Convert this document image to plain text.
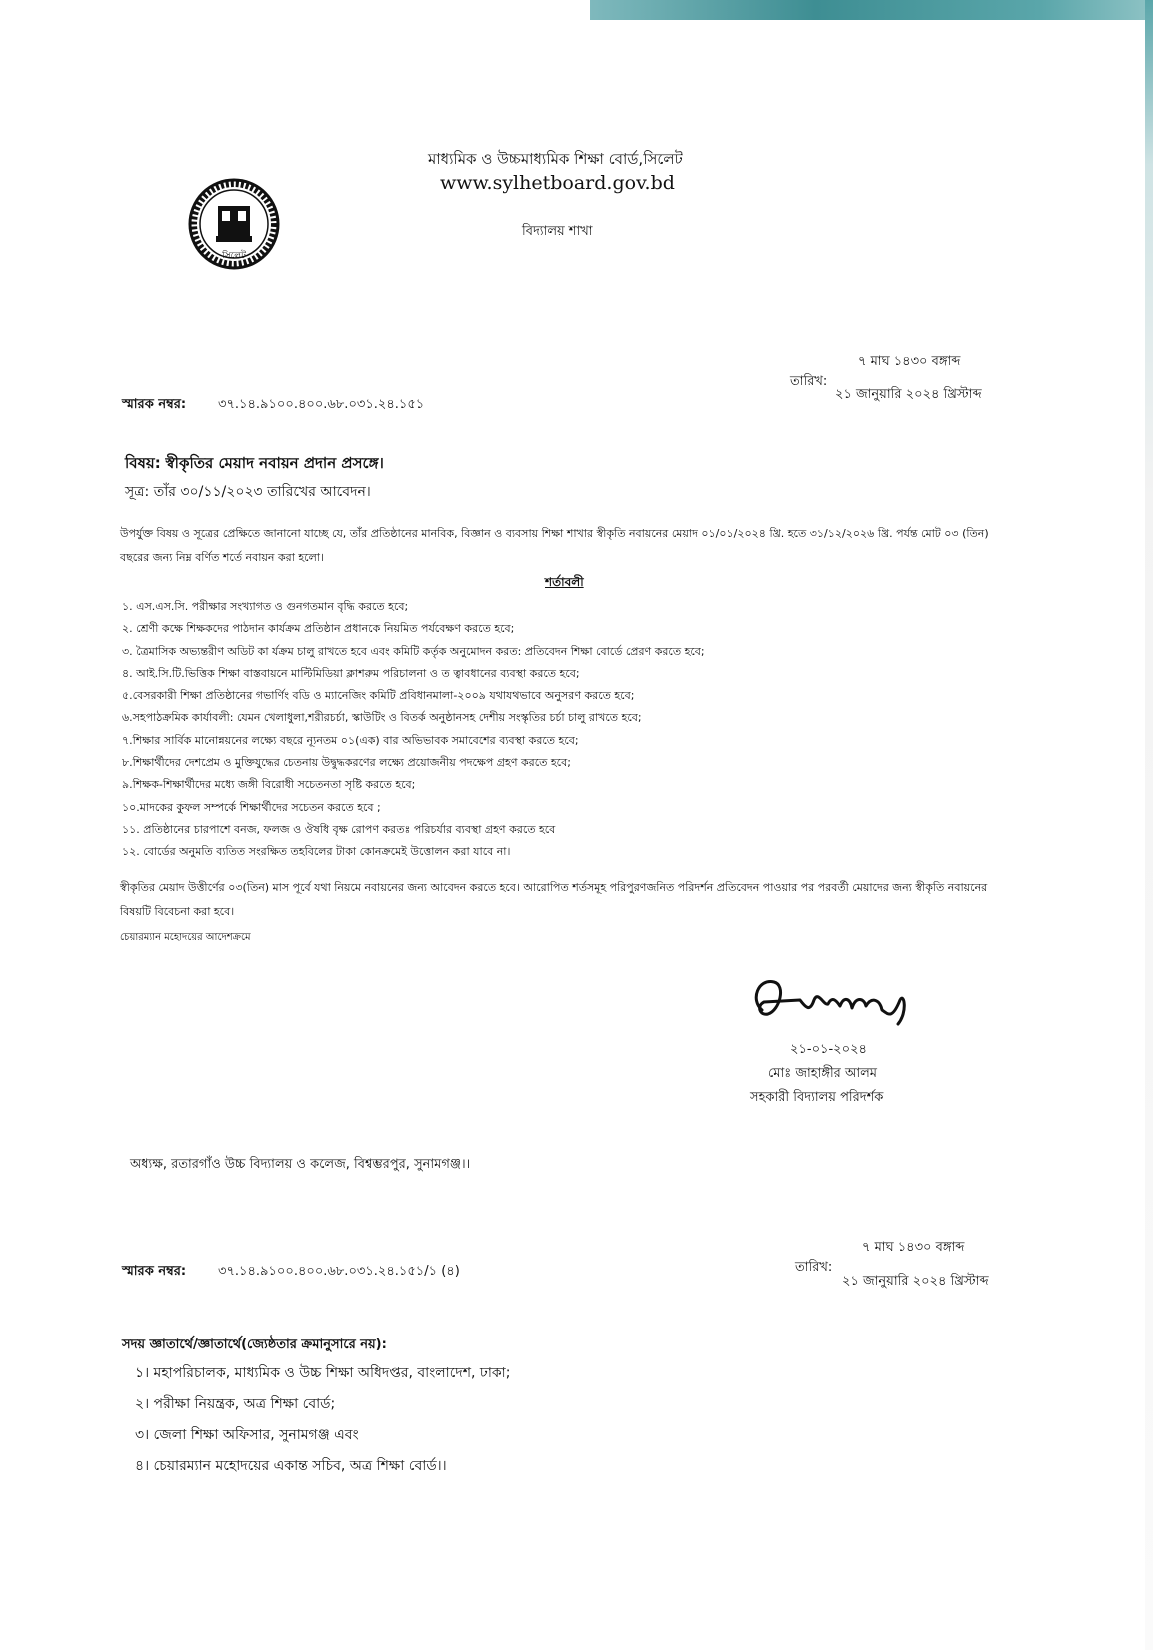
সিলেট
মাধ্যমিক ও উচ্চমাধ্যমিক শিক্ষা বোর্ড,সিলেট
www.sylhetboard.gov.bd
বিদ্যালয় শাখা
৭ মাঘ ১৪৩০ বঙ্গাব্দ
তারিখ:
২১ জানুয়ারি ২০২৪ খ্রিস্টাব্দ
স্মারক নম্বর: ৩৭.১৪.৯১০০.৪০০.৬৮.০৩১.২৪.১৫১
বিষয়: স্বীকৃতির মেয়াদ নবায়ন প্রদান প্রসঙ্গে।
সূত্র: তাঁর ৩০/১১/২০২৩ তারিখের আবেদন।
উপর্যুক্ত বিষয় ও সূত্রের প্রেক্ষিতে জানানো যাচ্ছে যে, তাঁর প্রতিষ্ঠানের মানবিক, বিজ্ঞান ও ব্যবসায় শিক্ষা শাখার স্বীকৃতি নবায়নের মেয়াদ ০১/০১/২০২৪ খ্রি. হতে ৩১/১২/২০২৬ খ্রি. পর্যন্ত মোট ০৩ (তিন) বছরের জন্য নিম্ন বর্ণিত শর্তে নবায়ন করা হলো।
শর্তাবলী
১. এস.এস.সি. পরীক্ষার সংখ্যাগত ও গুনগতমান বৃদ্ধি করতে হবে;
২. শ্রেণী কক্ষে শিক্ষকদের পাঠদান কার্যক্রম প্রতিষ্ঠান প্রধানকে নিয়মিত পর্যবেক্ষণ করতে হবে;
৩. ত্রৈমাসিক অভ্যন্তরীণ অডিট কা র্যক্রম চালু রাখতে হবে এবং কমিটি কর্তৃক অনুমোদন করত: প্রতিবেদন শিক্ষা বোর্ডে প্রেরণ করতে হবে;
৪. আই.সি.টি.ভিত্তিক শিক্ষা বাস্তবায়নে মাল্টিমিডিয়া ক্লাশরুম পরিচালনা ও ত ত্বাবধানের ব্যবস্থা করতে হবে;
৫.বেসরকারী শিক্ষা প্রতিষ্ঠানের গভার্ণিং বডি ও ম্যানেজিং কমিটি প্রবিধানমালা-২০০৯ যথাযথভাবে অনুসরণ করতে হবে;
৬.সহপাঠক্রমিক কার্যাবলী: যেমন খেলাধুলা,শরীরচর্চা, স্কাউটিং ও বিতর্ক অনুষ্ঠানসহ দেশীয় সংস্কৃতির চর্চা চালু রাখতে হবে;
৭.শিক্ষার সার্বিক মানোন্নয়নের লক্ষ্যে বছরে ন্যূনতম ০১(এক) বার অভিভাবক সমাবেশের ব্যবস্থা করতে হবে;
৮.শিক্ষার্থীদের দেশপ্রেম ও মুক্তিযুদ্ধের চেতনায় উদ্বুদ্ধকরণের লক্ষ্যে প্রয়োজনীয় পদক্ষেপ গ্রহণ করতে হবে;
৯.শিক্ষক-শিক্ষার্থীদের মধ্যে জঙ্গী বিরোধী সচেতনতা সৃষ্টি করতে হবে;
১০.মাদকের কুফল সম্পর্কে শিক্ষার্থীদের সচেতন করতে হবে ;
১১. প্রতিষ্ঠানের চারপাশে বনজ, ফলজ ও ঔষধি বৃক্ষ রোপণ করতঃ পরিচর্যার ব্যবস্থা গ্রহণ করতে হবে
১২. বোর্ডের অনুমতি ব্যতিত সংরক্ষিত তহবিলের টাকা কোনক্রমেই উত্তোলন করা যাবে না।
স্বীকৃতির মেয়াদ উত্তীর্ণের ০৩(তিন) মাস পূর্বে যথা নিয়মে নবায়নের জন্য আবেদন করতে হবে। আরোপিত শর্তসমূহ পরিপুরণজনিত পরিদর্শন প্রতিবেদন পাওয়ার পর পরবর্তী মেয়াদের জন্য স্বীকৃতি নবায়নের বিষয়টি বিবেচনা করা হবে।
চেয়ারম্যান মহোদয়ের আদেশক্রমে
২১-০১-২০২৪
মোঃ জাহাঙ্গীর আলম
সহকারী বিদ্যালয় পরিদর্শক
অধ্যক্ষ, রতারগাঁও উচ্চ বিদ্যালয় ও কলেজ, বিশ্বম্ভরপুর, সুনামগঞ্জ।।
৭ মাঘ ১৪৩০ বঙ্গাব্দ
তারিখ:
২১ জানুয়ারি ২০২৪ খ্রিস্টাব্দ
স্মারক নম্বর: ৩৭.১৪.৯১০০.৪০০.৬৮.০৩১.২৪.১৫১/১ (৪)
সদয় জ্ঞাতার্থে/জ্ঞাতার্থে(জ্যেষ্ঠতার ক্রমানুসারে নয়):
১। মহাপরিচালক, মাধ্যমিক ও উচ্চ শিক্ষা অধিদপ্তর, বাংলাদেশ, ঢাকা;
২। পরীক্ষা নিয়ন্ত্রক, অত্র শিক্ষা বোর্ড;
৩। জেলা শিক্ষা অফিসার, সুনামগঞ্জ এবং
৪। চেয়ারম্যান মহোদয়ের একান্ত সচিব, অত্র শিক্ষা বোর্ড।।
